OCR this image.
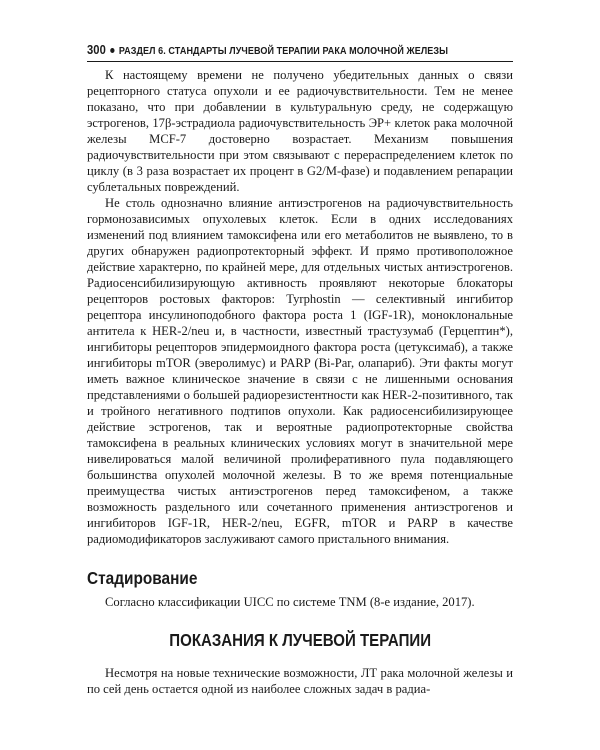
300 РАЗДЕЛ 6. СТАНДАРТЫ ЛУЧЕВОЙ ТЕРАПИИ РАКА МОЛОЧНОЙ ЖЕЛЕЗЫ

К настоящему времени не получено убедительных данных о связи рецепторного статуса опухоли и ее радиочувствительности. Тем не менее показано, что при добавлении в культуральную среду, не содержащую эстрогенов, 17β-эстрадиола радиочувствительность ЭР+ клеток рака молочной железы MCF-7 достоверно возрастает. Механизм повышения радиочувствительности при этом связывают с перераспределением клеток по циклу (в 3 раза возрастает их процент в G2/M-фазе) и подавлением репарации сублетальных повреждений.

Не столь однозначно влияние антиэстрогенов на радиочувствительность гормонозависимых опухолевых клеток. Если в одних исследованиях изменений под влиянием тамоксифена или его метаболитов не выявлено, то в других обнаружен радиопротекторный эффект. И прямо противоположное действие характерно, по крайней мере, для отдельных чистых антиэстрогенов. Радиосенсибилизирующую активность проявляют некоторые блокаторы рецепторов ростовых факторов: Tyrphostin — селективный ингибитор рецептора инсулиноподобного фактора роста 1 (IGF-1R), моноклональные антитела к HER-2/neu и, в частности, известный трастузумаб (Герцептин*), ингибиторы рецепторов эпидермоидного фактора роста (цетуксимаб), а также ингибиторы mTOR (эверолимус) и PARP (Bi-Par, олапариб). Эти факты могут иметь важное клиническое значение в связи с не лишенными основания представлениями о большей радиорезистентности как HER-2-позитивного, так и тройного негативного подтипов опухоли. Как радиосенсибилизирующее действие эстрогенов, так и вероятные радиопротекторные свойства тамоксифена в реальных клинических условиях могут в значительной мере нивелироваться малой величиной пролиферативного пула подавляющего большинства опухолей молочной железы. В то же время потенциальные преимущества чистых антиэстрогенов перед тамоксифеном, а также возможность раздельного или сочетанного применения антиэстрогенов и ингибиторов IGF-1R, HER-2/neu, EGFR, mTOR и PARP в качестве радиомодификаторов заслуживают самого пристального внимания.

Стадирование
Согласно классификации UICC по системе TNM (8-е издание, 2017).
ПОКАЗАНИЯ К ЛУЧЕВОЙ ТЕРАПИИ
Несмотря на новые технические возможности, ЛТ рака молочной железы и по сей день остается одной из наиболее сложных задач в радиа-
